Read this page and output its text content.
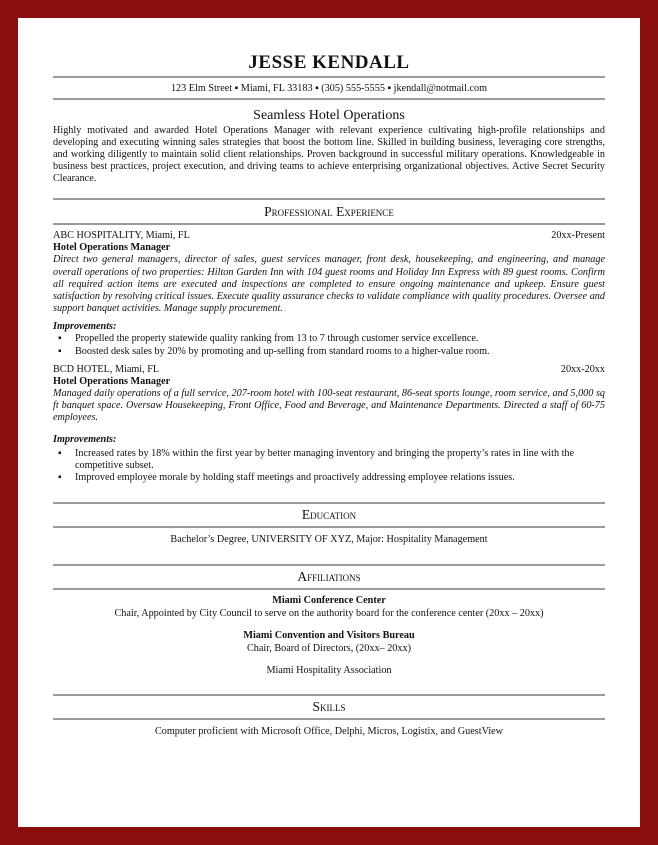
JESSE KENDALL
123 Elm Street ▪ Miami, FL 33183 ▪ (305) 555-5555 ▪ jkendall@notmail.com
Seamless Hotel Operations
Highly motivated and awarded Hotel Operations Manager with relevant experience cultivating high-profile relationships and developing and executing winning sales strategies that boost the bottom line. Skilled in building business, leveraging core strengths, and working diligently to maintain solid client relationships. Proven background in successful military operations. Knowledgeable in business best practices, project execution, and driving teams to achieve enterprising organizational objectives. Active Secret Security Clearance.
Professional Experience
ABC HOSPITALITY, Miami, FL	20xx-Present
Hotel Operations Manager
Direct two general managers, director of sales, guest services manager, front desk, housekeeping, and engineering, and manage overall operations of two properties: Hilton Garden Inn with 104 guest rooms and Holiday Inn Express with 89 guest rooms. Confirm all required action items are executed and inspections are completed to ensure ongoing maintenance and upkeep. Ensure guest satisfaction by resolving critical issues. Execute quality assurance checks to validate compliance with quality procedures. Oversee and support banquet activities. Manage supply procurement.
Improvements:
▪ Propelled the property statewide quality ranking from 13 to 7 through customer service excellence.
▪ Boosted desk sales by 20% by promoting and up-selling from standard rooms to a higher-value room.
BCD HOTEL, Miami, FL	20xx-20xx
Hotel Operations Manager
Managed daily operations of a full service, 207-room hotel with 100-seat restaurant, 86-seat sports lounge, room service, and 5,000 sq ft banquet space. Oversaw Housekeeping, Front Office, Food and Beverage, and Maintenance Departments. Directed a staff of 60-75 employees.
Improvements:
▪ Increased rates by 18% within the first year by better managing inventory and bringing the property’s rates in line with the competitive subset.
▪ Improved employee morale by holding staff meetings and proactively addressing employee relations issues.
Education
Bachelor’s Degree, UNIVERSITY OF XYZ, Major: Hospitality Management
Affiliations
Miami Conference Center
Chair, Appointed by City Council to serve on the authority board for the conference center (20xx – 20xx)
Miami Convention and Visitors Bureau
Chair, Board of Directors, (20xx– 20xx)
Miami Hospitality Association
Skills
Computer proficient with Microsoft Office, Delphi, Micros, Logistix, and GuestView
